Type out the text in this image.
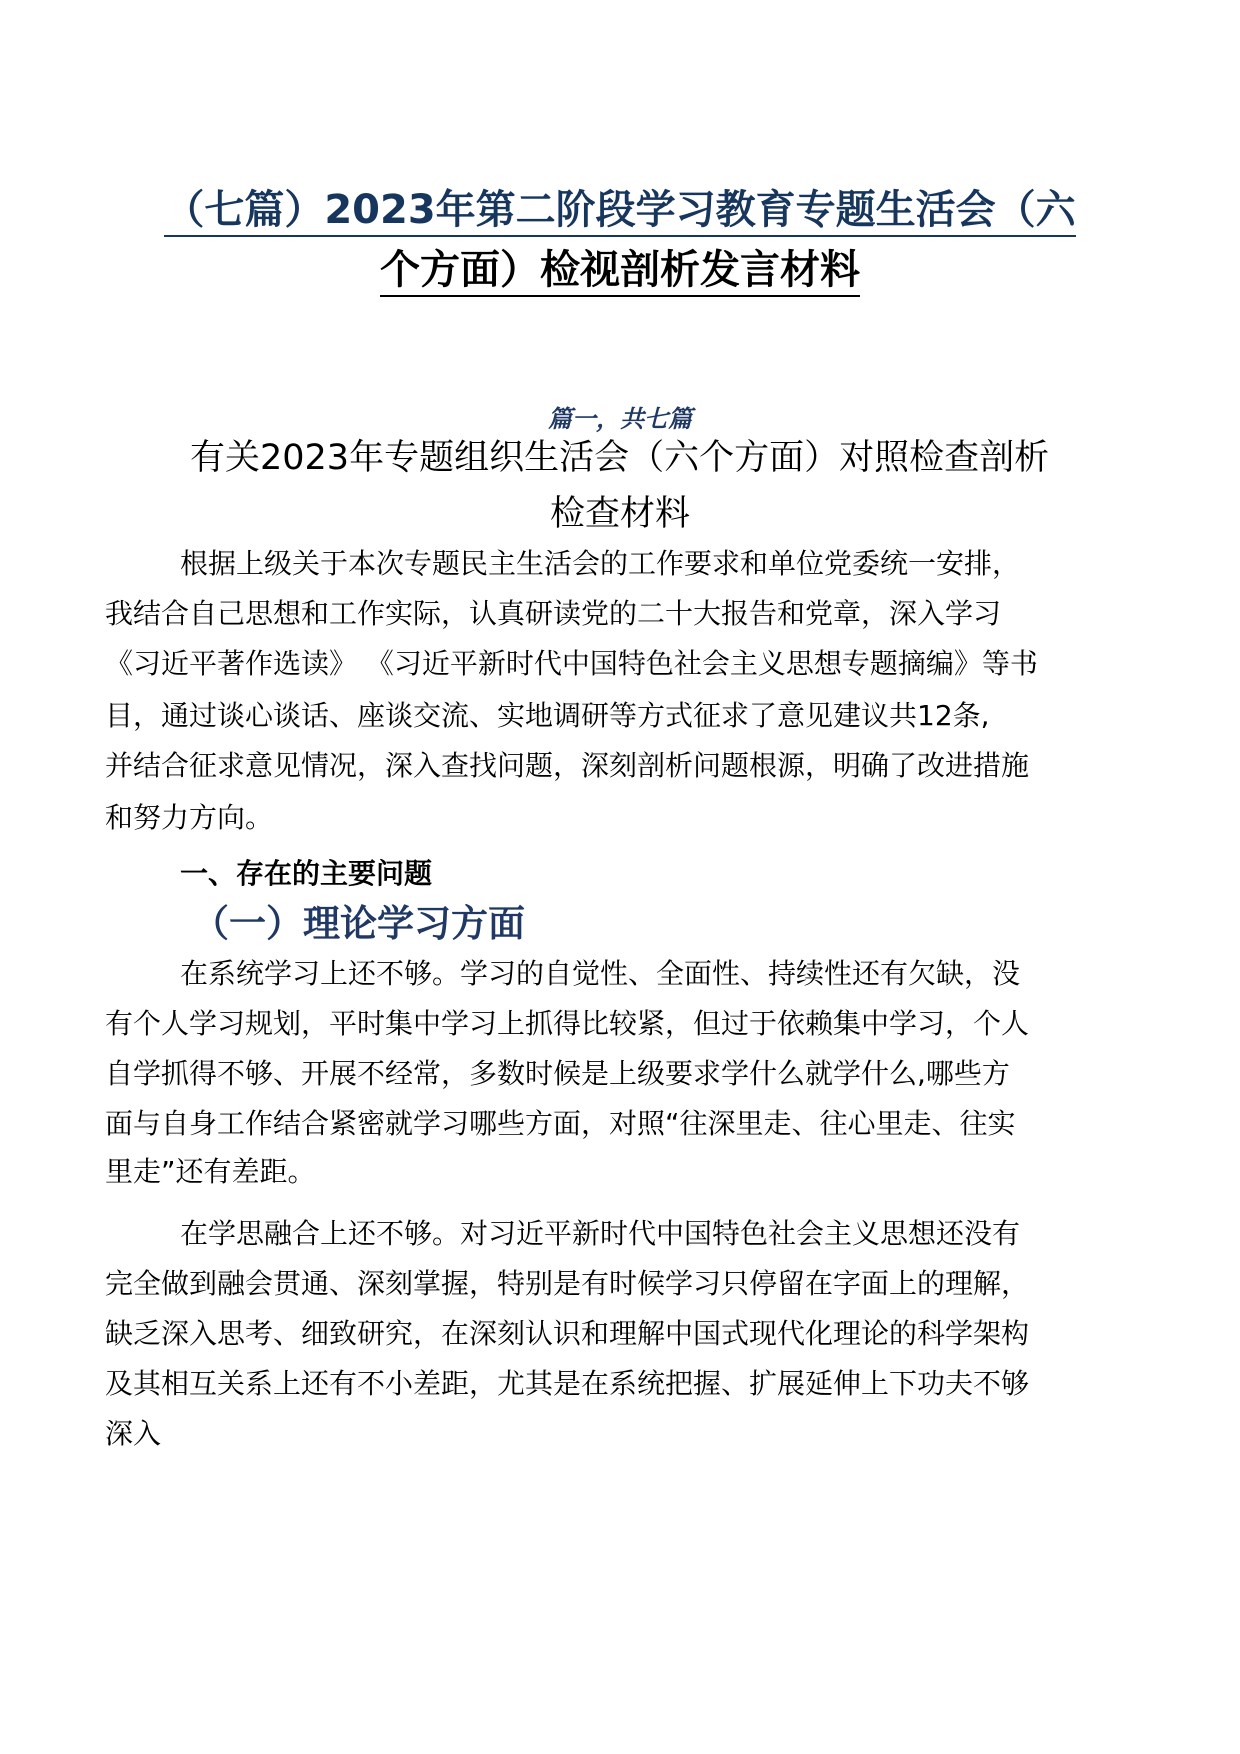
（七篇）2023年第二阶段学习教育专题生活会（六
个方面）检视剖析发言材料
篇一，共七篇
有关2023年专题组织生活会（六个方面）对照检查剖析
检查材料
根据上级关于本次专题民主生活会的工作要求和单位党委统一安排，
我结合自己思想和工作实际，认真研读党的二十大报告和党章，深入学习
《习近平著作选读》 《习近平新时代中国特色社会主义思想专题摘编》等书
目，通过谈心谈话、座谈交流、实地调研等方式征求了意见建议共12条,
并结合征求意见情况，深入查找问题，深刻剖析问题根源，明确了改进措施
和努力方向。
一、存在的主要问题
（一）理论学习方面
在系统学习上还不够。学习的自觉性、全面性、持续性还有欠缺，没
有个人学习规划，平时集中学习上抓得比较紧，但过于依赖集中学习，个人
自学抓得不够、开展不经常，多数时候是上级要求学什么就学什么,哪些方
面与自身工作结合紧密就学习哪些方面，对照“往深里走、往心里走、往实
里走”还有差距。
在学思融合上还不够。对习近平新时代中国特色社会主义思想还没有
完全做到融会贯通、深刻掌握，特别是有时候学习只停留在字面上的理解，
缺乏深入思考、细致研究，在深刻认识和理解中国式现代化理论的科学架构
及其相互关系上还有不小差距，尤其是在系统把握、扩展延伸上下功夫不够
深入
